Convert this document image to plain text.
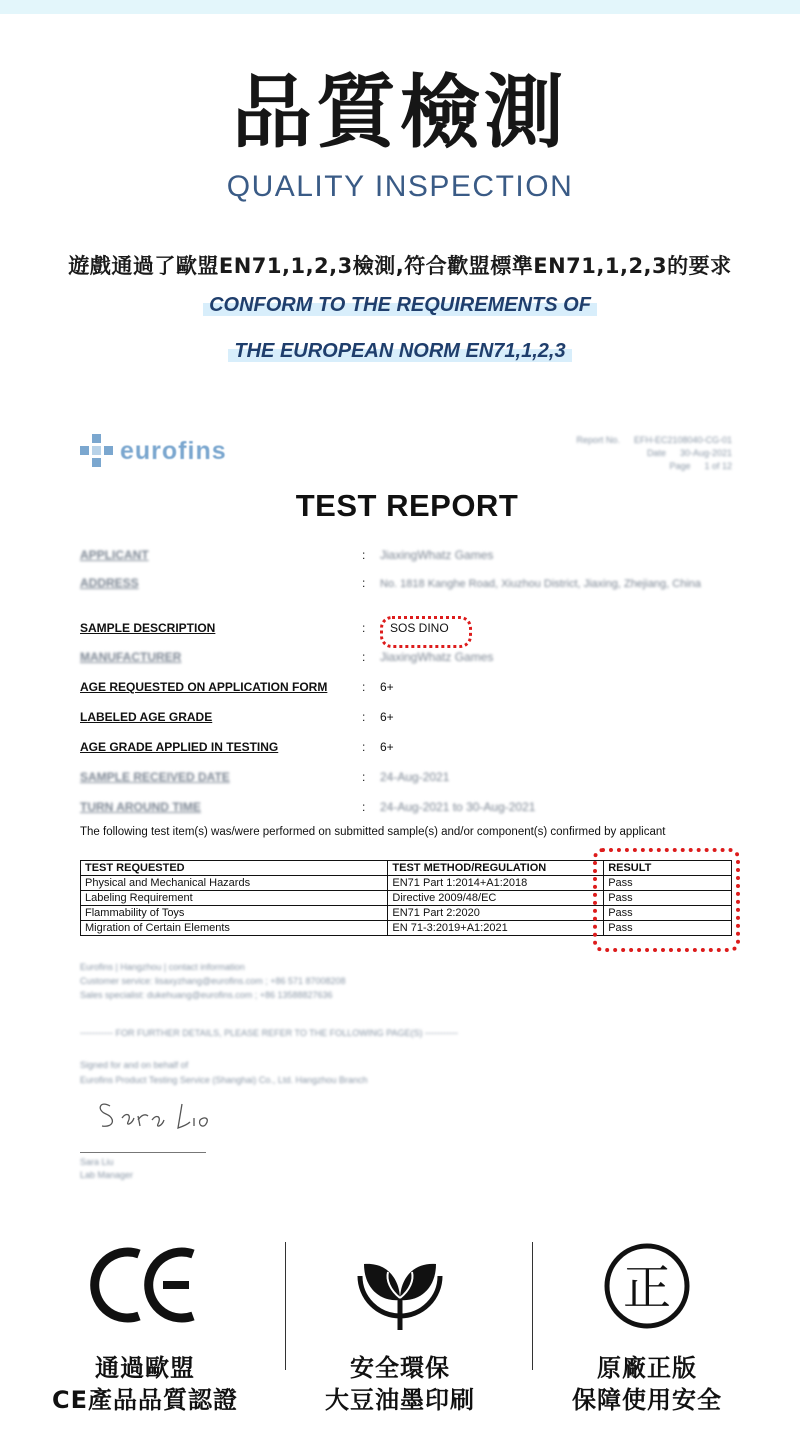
品質檢測
QUALITY INSPECTION
遊戲通過了歐盟EN71,1,2,3檢測,符合歡盟標準EN71,1,2,3的要求
CONFORM TO THE REQUIREMENTS OF
THE EUROPEAN NORM EN71,1,2,3
eurofins	Report No. EFH-EC2108040-CG-01
Date 30-Aug-2021
Page 1 of 12
TEST REPORT
APPLICANT	:	JiaxingWhatz Games
ADDRESS	:	No. 1818 Kanghe Road, Xiuzhou District, Jiaxing, Zhejiang, China
SAMPLE DESCRIPTION	:	SOS DINO
MANUFACTURER	:	JiaxingWhatz Games
AGE REQUESTED ON APPLICATION FORM	:	6+
LABELED AGE GRADE	:	6+
AGE GRADE APPLIED IN TESTING	:	6+
SAMPLE RECEIVED DATE	:	24-Aug-2021
TURN AROUND TIME	:	24-Aug-2021 to 30-Aug-2021
The following test item(s) was/were performed on submitted sample(s) and/or component(s) confirmed by applicant
TEST REQUESTED	TEST METHOD/REGULATION	RESULT
Physical and Mechanical Hazards	EN71 Part 1:2014+A1:2018	Pass
Labeling Requirement	Directive 2009/48/EC	Pass
Flammability of Toys	EN71 Part 2:2020	Pass
Migration of Certain Elements	EN 71-3:2019+A1:2021	Pass
Eurofins | Hangzhou | contact information
Customer service: lisaxyzhang@eurofins.com ; +86 571 87008208
Sales specialist: dukehuang@eurofins.com ; +86 13588827636
----------- FOR FURTHER DETAILS, PLEASE REFER TO THE FOLLOWING PAGE(S) -----------
Signed for and on behalf of
Eurofins Product Testing Service (Shanghai) Co., Ltd. Hangzhou Branch
Sara Liu
Lab Manager
通過歐盟
CE產品品質認證
安全環保
大豆油墨印刷
正
原廠正版
保障使用安全
